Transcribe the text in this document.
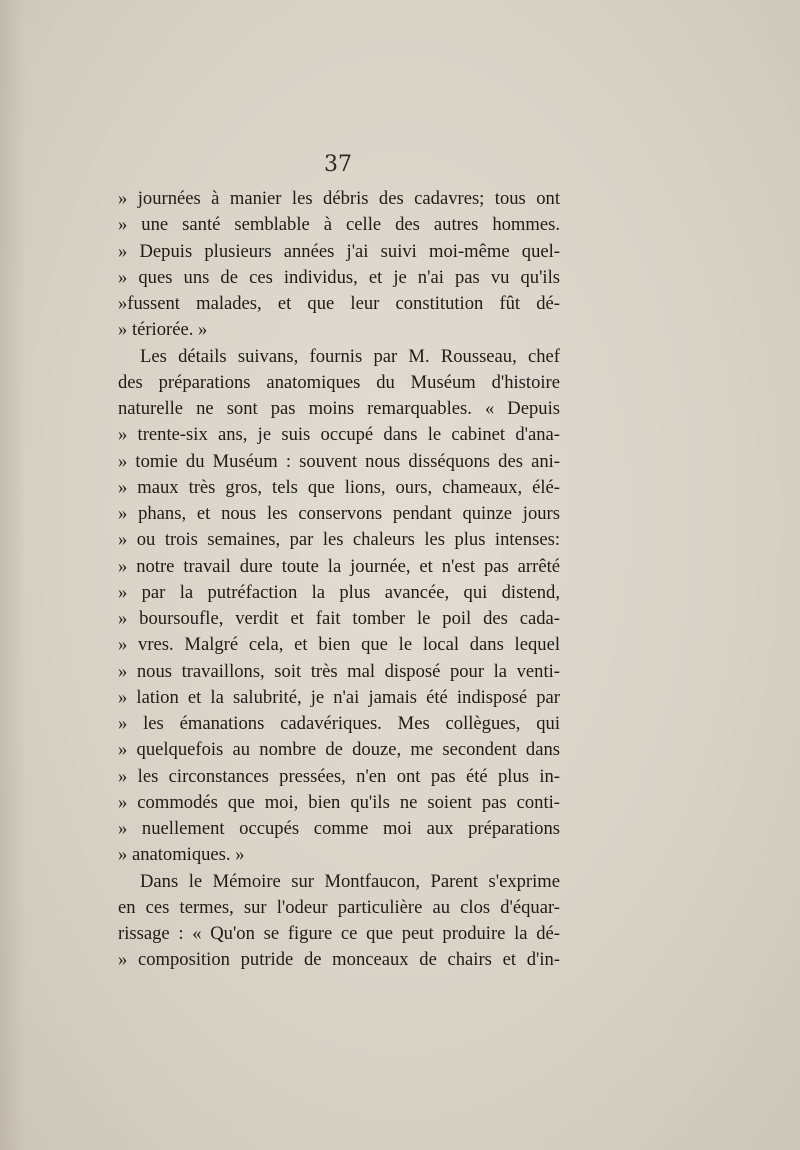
37
» journées à manier les débris des cadavres; tous ont
» une santé semblable à celle des autres hommes.
» Depuis plusieurs années j'ai suivi moi-même quel-
» ques uns de ces individus, et je n'ai pas vu qu'ils
»fussent malades, et que leur constitution fût dé-
» tériorée. »
Les détails suivans, fournis par M. Rousseau, chef
des préparations anatomiques du Muséum d'histoire
naturelle ne sont pas moins remarquables. « Depuis
» trente-six ans, je suis occupé dans le cabinet d'ana-
» tomie du Muséum : souvent nous disséquons des ani-
» maux très gros, tels que lions, ours, chameaux, élé-
» phans, et nous les conservons pendant quinze jours
» ou trois semaines, par les chaleurs les plus intenses:
» notre travail dure toute la journée, et n'est pas arrêté
» par la putréfaction la plus avancée, qui distend,
» boursoufle, verdit et fait tomber le poil des cada-
» vres. Malgré cela, et bien que le local dans lequel
» nous travaillons, soit très mal disposé pour la venti-
» lation et la salubrité, je n'ai jamais été indisposé par
» les émanations cadavériques. Mes collègues, qui
» quelquefois au nombre de douze, me secondent dans
» les circonstances pressées, n'en ont pas été plus in-
» commodés que moi, bien qu'ils ne soient pas conti-
» nuellement occupés comme moi aux préparations
» anatomiques. »
Dans le Mémoire sur Montfaucon, Parent s'exprime
en ces termes, sur l'odeur particulière au clos d'équar-
rissage : « Qu'on se figure ce que peut produire la dé-
» composition putride de monceaux de chairs et d'in-
